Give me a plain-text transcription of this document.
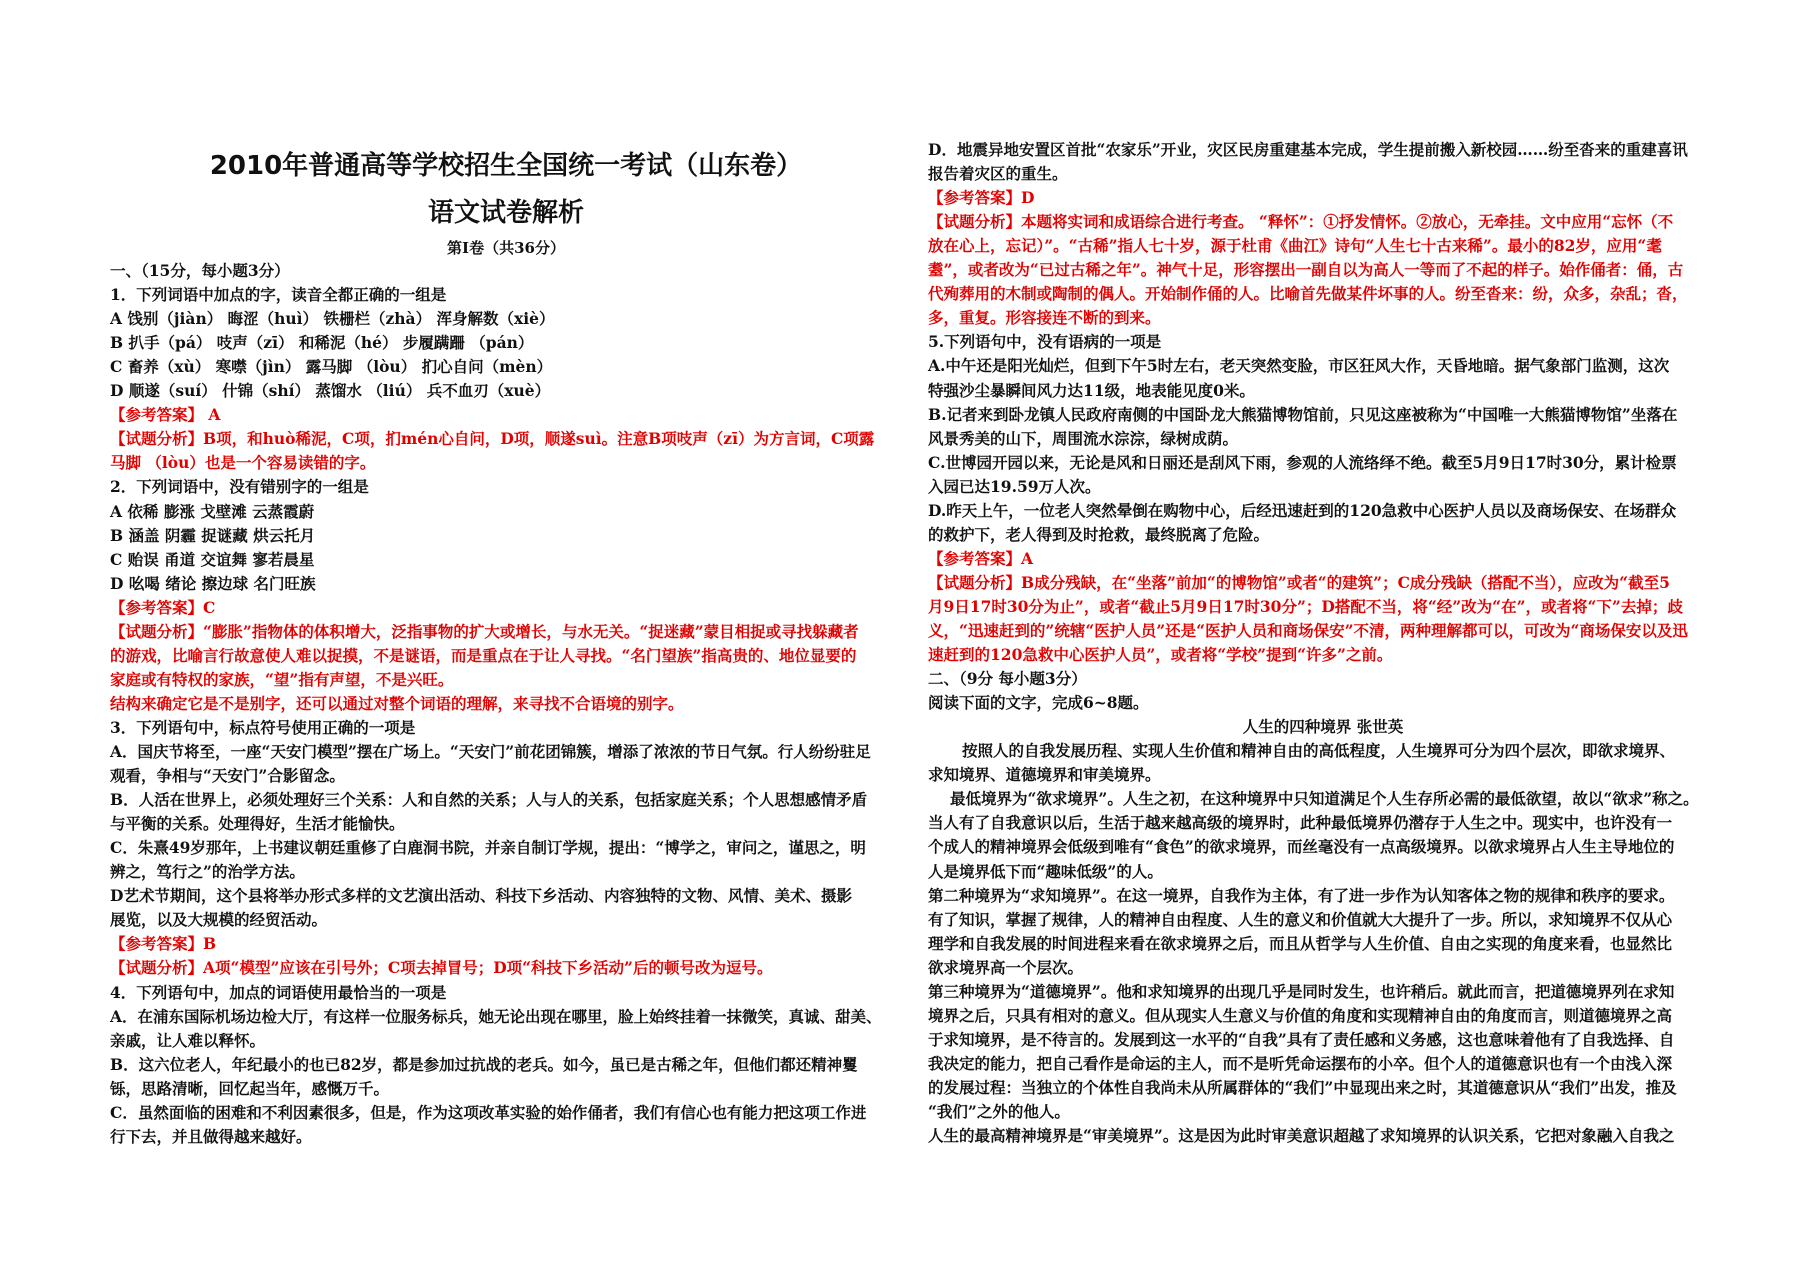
2010年普通高等学校招生全国统一考试（山东卷）
语文试卷解析
第Ⅰ卷（共36分）
一、（15分，每小题3分）
1．下列词语中加点的字，读音全都正确的一组是
A 饯别（jiàn） 晦涩（huì） 铁栅栏（zhà） 浑身解数（xiè）
B 扒手（pá） 吱声（zī） 和稀泥（hé） 步履蹒跚 （pán）
C 畜养（xù） 寒噤（jìn） 露马脚 （lòu） 扪心自问（mèn）
D 顺遂（suí） 什锦（shí） 蒸馏水 （liú） 兵不血刃（xuè）
【参考答案】 A
【试题分析】B项，和huò稀泥，C项，扪mén心自问，D项，顺遂suì。注意B项吱声（zī）为方言词，C项露
马脚 （lòu）也是一个容易读错的字。
2．下列词语中，没有错别字的一组是
A 依稀 膨涨 戈壁滩 云蒸霞蔚
B 涵盖 阴霾 捉谜藏 烘云托月
C 贻误 甬道 交谊舞 寥若晨星
D 吆喝 绪论 擦边球 名门旺族
【参考答案】C
【试题分析】“膨胀”指物体的体积增大，泛指事物的扩大或增长，与水无关。“捉迷藏”蒙目相捉或寻找躲藏者
的游戏，比喻言行故意使人难以捉摸，不是谜语，而是重点在于让人寻找。“名门望族”指高贵的、地位显要的
家庭或有特权的家族，“望”指有声望，不是兴旺。
结构来确定它是不是别字，还可以通过对整个词语的理解，来寻找不合语境的别字。
3．下列语句中，标点符号使用正确的一项是
A．国庆节将至，一座“天安门模型”摆在广场上。“天安门”前花团锦簇，增添了浓浓的节日气氛。行人纷纷驻足
观看，争相与“天安门”合影留念。
B．人活在世界上，必须处理好三个关系：人和自然的关系；人与人的关系，包括家庭关系；个人思想感情矛盾
与平衡的关系。处理得好，生活才能愉快。
C．朱熹49岁那年，上书建议朝廷重修了白鹿洞书院，并亲自制订学规，提出：“博学之，审问之，谨思之，明
辨之，笃行之”的治学方法。
D艺术节期间，这个县将举办形式多样的文艺演出活动、科技下乡活动、内容独特的文物、风情、美术、摄影
展览，以及大规模的经贸活动。
【参考答案】B
【试题分析】A项“模型”应该在引号外；C项去掉冒号；D项“科技下乡活动”后的顿号改为逗号。
4．下列语句中，加点的词语使用最恰当的一项是
A．在浦东国际机场边检大厅，有这样一位服务标兵，她无论出现在哪里，脸上始终挂着一抹微笑，真诚、甜美、
亲戚，让人难以释怀。
B．这六位老人，年纪最小的也已82岁，都是参加过抗战的老兵。如今，虽已是古稀之年，但他们都还精神矍
铄，思路清晰，回忆起当年，感慨万千。
C．虽然面临的困难和不利因素很多，但是，作为这项改革实验的始作俑者，我们有信心也有能力把这项工作进
行下去，并且做得越来越好。
D．地震异地安置区首批“农家乐”开业，灾区民房重建基本完成，学生提前搬入新校园……纷至沓来的重建喜讯
报告着灾区的重生。
【参考答案】D
【试题分析】本题将实词和成语综合进行考查。 “释怀”：①抒发情怀。②放心，无牵挂。文中应用“忘怀（不
放在心上，忘记）”。“古稀”指人七十岁，源于杜甫《曲江》诗句“人生七十古来稀”。最小的82岁，应用“耄
耋”，或者改为“已过古稀之年”。神气十足，形容摆出一副自以为高人一等而了不起的样子。始作俑者：俑，古
代殉葬用的木制或陶制的偶人。开始制作俑的人。比喻首先做某件坏事的人。纷至沓来：纷，众多，杂乱；沓，
多，重复。形容接连不断的到来。
5.下列语句中，没有语病的一项是
A.中午还是阳光灿烂，但到下午5时左右，老天突然变脸，市区狂风大作，天昏地暗。据气象部门监测，这次
特强沙尘暴瞬间风力达11级，地表能见度0米。
B.记者来到卧龙镇人民政府南侧的中国卧龙大熊猫博物馆前，只见这座被称为“中国唯一大熊猫博物馆”坐落在
风景秀美的山下，周围流水淙淙，绿树成荫。
C.世博园开园以来，无论是风和日丽还是刮风下雨，参观的人流络绎不绝。截至5月9日17时30分，累计检票
入园已达19.59万人次。
D.昨天上午，一位老人突然晕倒在购物中心，后经迅速赶到的120急救中心医护人员以及商场保安、在场群众
的救护下，老人得到及时抢救，最终脱离了危险。
【参考答案】A
【试题分析】B成分残缺，在“坐落”前加“的博物馆”或者“的建筑”；C成分残缺（搭配不当），应改为“截至5
月9日17时30分为止”，或者“截止5月9日17时30分”；D搭配不当，将“经”改为“在”，或者将“下”去掉；歧
义，“迅速赶到的”统辖“医护人员”还是“医护人员和商场保安”不清，两种理解都可以，可改为“商场保安以及迅
速赶到的120急救中心医护人员”，或者将“学校”提到“许多”之前。
二、（9分 每小题3分）
阅读下面的文字，完成6~8题。
人生的四种境界 张世英
按照人的自我发展历程、实现人生价值和精神自由的高低程度，人生境界可分为四个层次，即欲求境界、
求知境界、道德境界和审美境界。
最低境界为“欲求境界”。人生之初，在这种境界中只知道满足个人生存所必需的最低欲望，故以“欲求”称之。
当人有了自我意识以后，生活于越来越高级的境界时，此种最低境界仍潜存于人生之中。现实中，也许没有一
个成人的精神境界会低级到唯有“食色”的欲求境界，而丝毫没有一点高级境界。以欲求境界占人生主导地位的
人是境界低下而“趣味低级”的人。
第二种境界为“求知境界”。在这一境界，自我作为主体，有了进一步作为认知客体之物的规律和秩序的要求。
有了知识，掌握了规律，人的精神自由程度、人生的意义和价值就大大提升了一步。所以，求知境界不仅从心
理学和自我发展的时间进程来看在欲求境界之后，而且从哲学与人生价值、自由之实现的角度来看，也显然比
欲求境界高一个层次。
第三种境界为“道德境界”。他和求知境界的出现几乎是同时发生，也许稍后。就此而言，把道德境界列在求知
境界之后，只具有相对的意义。但从现实人生意义与价值的角度和实现精神自由的角度而言，则道德境界之高
于求知境界，是不待言的。发展到这一水平的“自我”具有了责任感和义务感，这也意味着他有了自我选择、自
我决定的能力，把自己看作是命运的主人，而不是听凭命运摆布的小卒。但个人的道德意识也有一个由浅入深
的发展过程：当独立的个体性自我尚未从所属群体的“我们”中显现出来之时，其道德意识从“我们”出发，推及
“我们”之外的他人。
人生的最高精神境界是“审美境界”。这是因为此时审美意识超越了求知境界的认识关系，它把对象融入自我之
